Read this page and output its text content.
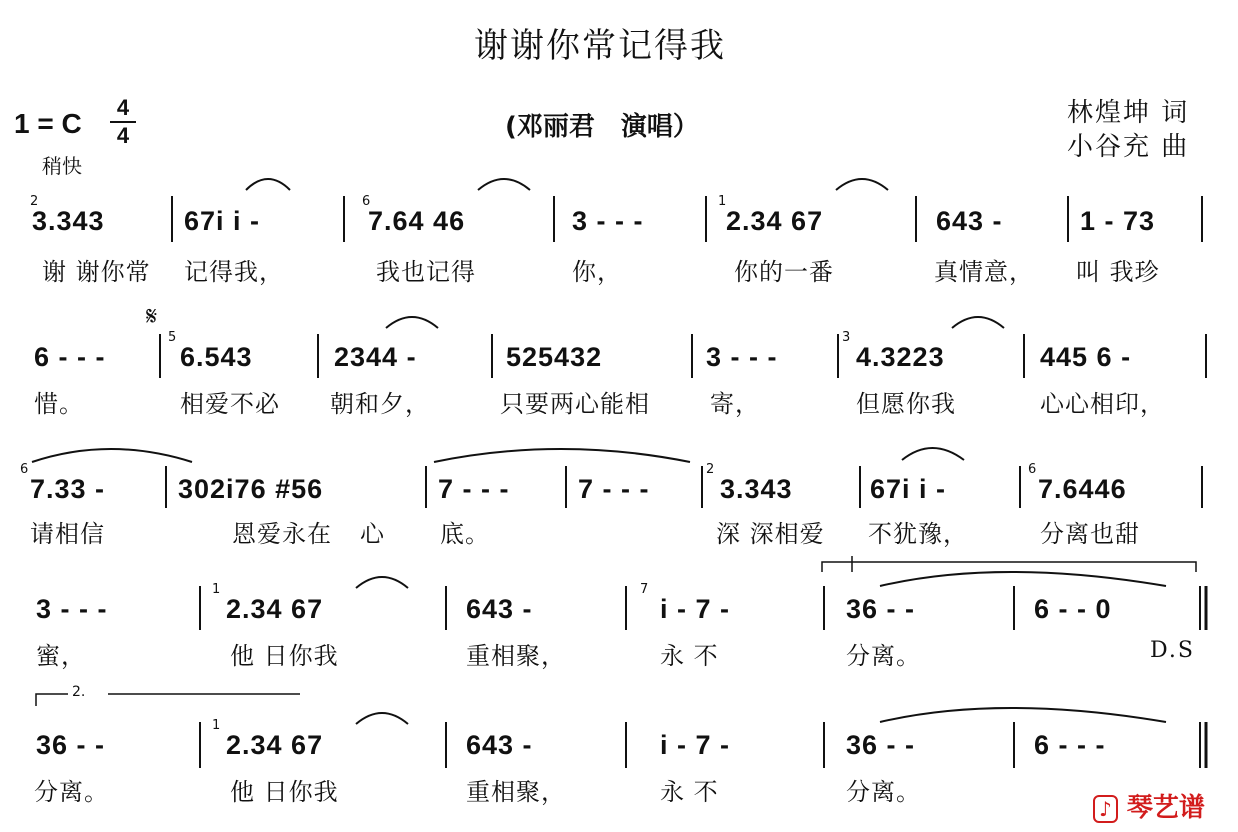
谢谢你常记得我
1 = C
4
4
稍快
(邓丽君　演唱）	林煌坤 词
小谷充 曲
𝄋
2.
3.343	67i i -	7.64 46	3 - - -	2.34 67	643 -	1 - 73
谢 谢你常 记得我，	我也记得	你，	你的一番	真情意， 叫 我珍
6 - - -	6.543	2344 -	525432	3 - - -	4.3223	445 6 -
惜。	相爱不必 朝和夕，	只要两心能相	寄，	但愿你我	心心相印，
7.33 -	302i76 #56	7 - - -	7 - - -	3.343	67i i -	7.6446
请相信	恩爱永在 心 底。	深 深相爱 不犹豫，	分离也甜
3 - - -	2.34 67	643 -	i - 7 -	36 - -	6 - - 0
蜜，	他 日你我	重相聚，	永 不	分离。	D.S
36 - -	2.34 67	643 -	i - 7 -	36 - -	6 - - -
分离。	他 日你我	重相聚，	永 不	分离。
2	6	1
5	3
6	2	6
1	7
1
♪ 琴艺谱
